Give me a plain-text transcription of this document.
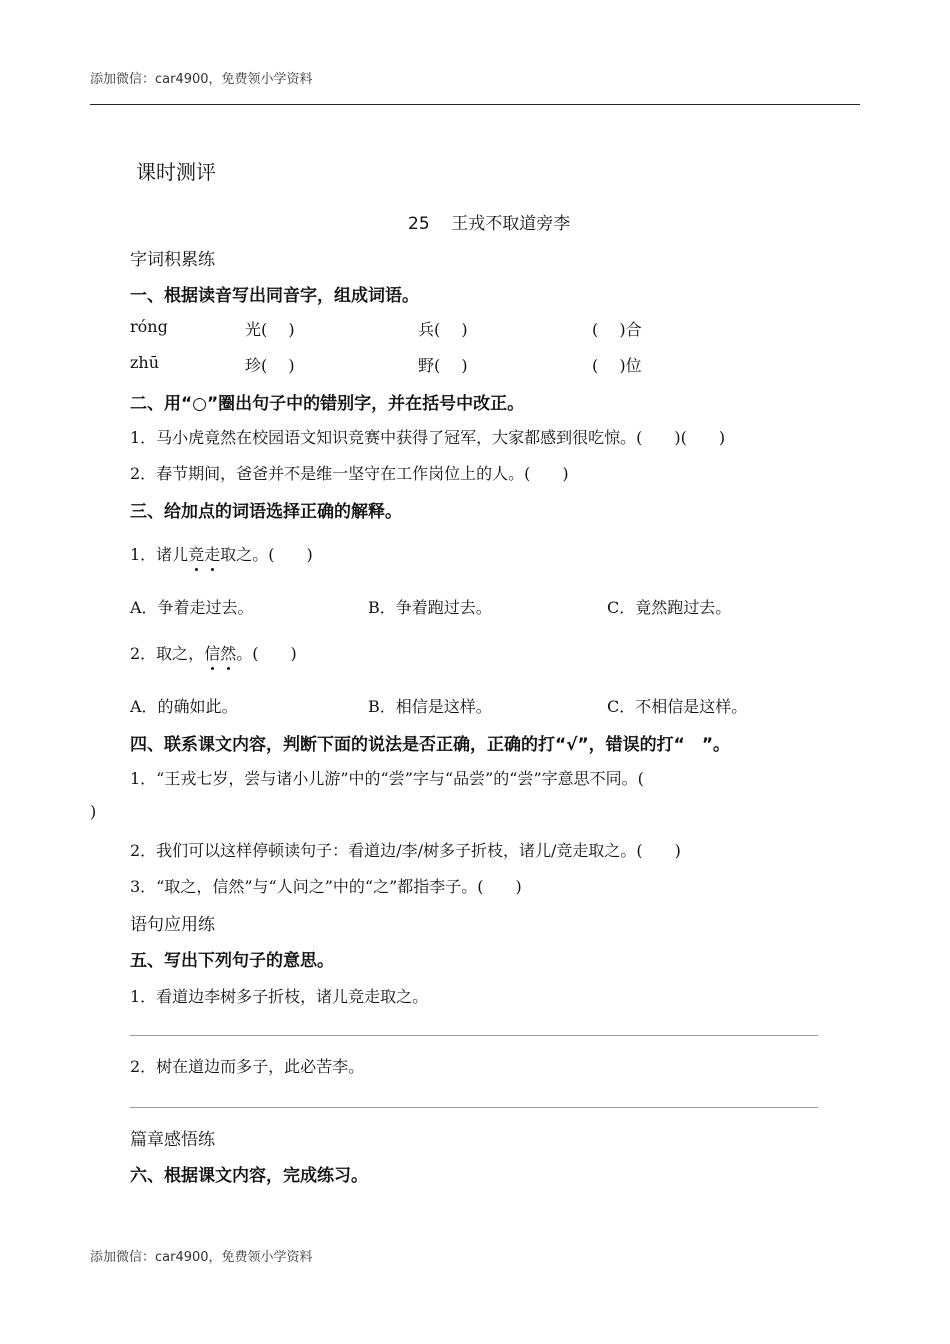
添加微信：car4900，免费领小学资料
课时测评
25 王戎不取道旁李
字词积累练
一、根据读音写出同音字，组成词语。
róng	光(　 )	兵(　 )	(　 )合
zhū	珍(　 )	野(　 )	(　 )位
二、用“○”圈出句子中的错别字，并在括号中改正。
1．马小虎竟然在校园语文知识竞赛中获得了冠军，大家都感到很吃惊。(　　)(　　)
2．春节期间，爸爸并不是维一坚守在工作岗位上的人。(　　)
三、给加点的词语选择正确的解释。
1．诸儿竞走取之。(　　)
A．争着走过去。	B．争着跑过去。	C．竟然跑过去。
2．取之，信然。(　　)
A．的确如此。	B．相信是这样。	C．不相信是这样。
四、联系课文内容，判断下面的说法是否正确，正确的打“√”，错误的打“　”。
1．“王戎七岁，尝与诸小儿游”中的“尝”字与“品尝”的“尝”字意思不同。(
)
2．我们可以这样停顿读句子：看道边/李/树多子折枝，诸儿/竞走取之。(　　)
3．“取之，信然”与“人问之”中的“之”都指李子。(　　)
语句应用练
五、写出下列句子的意思。
1．看道边李树多子折枝，诸儿竞走取之。
2．树在道边而多子，此必苦李。
篇章感悟练
六、根据课文内容，完成练习。
添加微信：car4900，免费领小学资料
